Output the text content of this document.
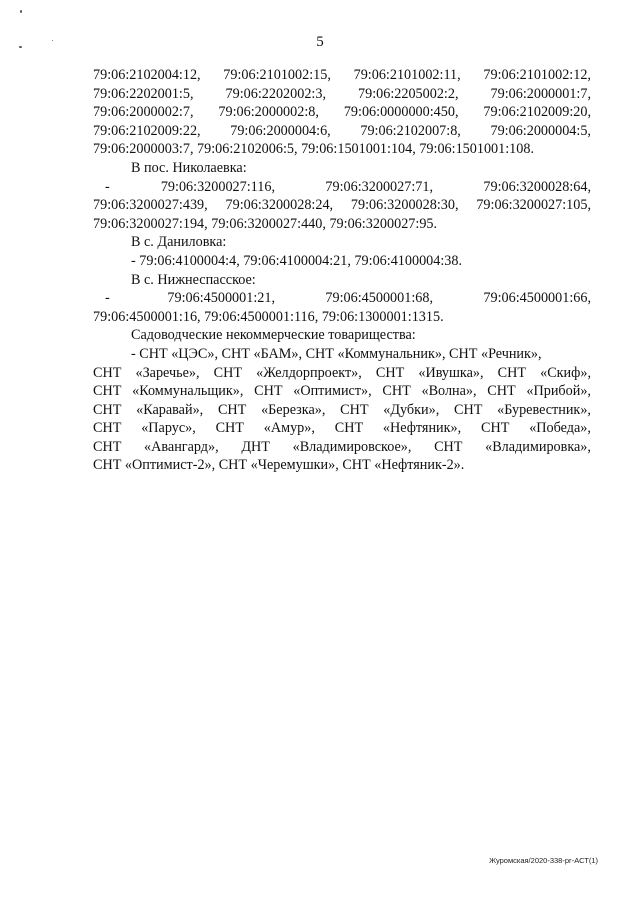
5
79:06:2102004:12, 79:06:2101002:15, 79:06:2101002:11, 79:06:2101002:12,
79:06:2202001:5, 79:06:2202002:3, 79:06:2205002:2, 79:06:2000001:7,
79:06:2000002:7, 79:06:2000002:8, 79:06:0000000:450, 79:06:2102009:20,
79:06:2102009:22, 79:06:2000004:6, 79:06:2102007:8, 79:06:2000004:5,
79:06:2000003:7, 79:06:2102006:5, 79:06:1501001:104, 79:06:1501001:108.
В пос. Николаевка:
-	79:06:3200027:116,	79:06:3200027:71,	79:06:3200028:64,
79:06:3200027:439, 79:06:3200028:24, 79:06:3200028:30, 79:06:3200027:105,
79:06:3200027:194, 79:06:3200027:440, 79:06:3200027:95.
В с. Даниловка:
- 79:06:4100004:4, 79:06:4100004:21, 79:06:4100004:38.
В с. Нижнеспасское:
-	79:06:4500001:21,	79:06:4500001:68,	79:06:4500001:66,
79:06:4500001:16, 79:06:4500001:116, 79:06:1300001:1315.
Садоводческие некоммерческие товарищества:
- СНТ «ЦЭС», СНТ «БАМ», СНТ «Коммунальник», СНТ «Речник»,
СНТ «Заречье», СНТ «Желдорпроект», СНТ «Ивушка», СНТ «Скиф»,
СНТ «Коммунальщик», СНТ «Оптимист», СНТ «Волна», СНТ «Прибой»,
СНТ «Каравай», СНТ «Березка», СНТ «Дубки», СНТ «Буревестник»,
СНТ «Парус», СНТ «Амур», СНТ «Нефтяник», СНТ «Победа»,
СНТ «Авангард», ДНТ «Владимировское», СНТ «Владимировка»,
СНТ «Оптимист-2», СНТ «Черемушки», СНТ «Нефтяник-2».
Журомская/2020-338-рг-АСТ(1)
